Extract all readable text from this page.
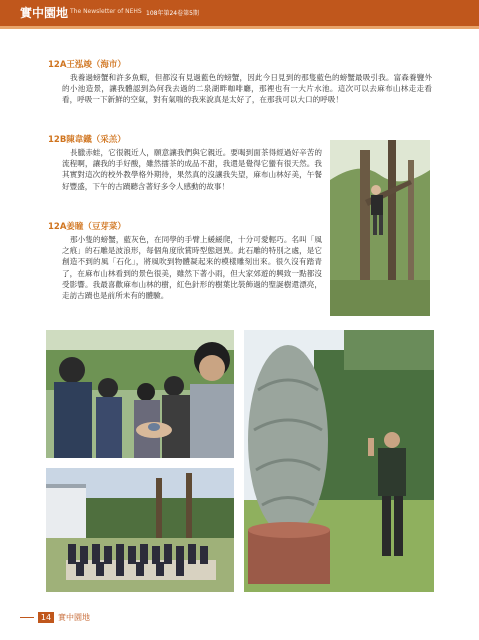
實中園地 The Newsletter of NEHS 108年第24卷第5期
12A王泓竣（海市）
我養過螃蟹和許多魚蝦，但都沒有見過藍色的螃蟹，因此今日見到的那隻藍色的螃蟹最吸引我。富森養鹽外的小池造景，讓我體認到為何我去過的二泉湖畔咖啡廳，那裡也有一大片水池。這次可以去麻布山林走走看看，呼吸一下新鮮的空氣，對有氣喘的我來說真是太好了，在那我可以大口的呼吸！
12B陳韋鐵（采羔）
長臘赤蛙，它很親近人，願意讓我們與它親近。要喝到面茶得經過好辛苦的流程啊，讓我的手好酸，雖然擂茶的成品不甜，我還是覺得它蠻有很天然。我其實對這次的校外教學格外期待，果然真的沒讓我失望，麻布山林好美，午餐好豐盛，下午的古蹟聽含著好多令人感動的故事！
12A姜瞳（豆芽菜）
那小隻的螃蟹，藍灰色，在同學的手臂上緩緩爬，十分可愛輕巧。名叫「風之痕」的石雕是波浪形，每個角度欣賞時型態迥異。此石雕的特別之處，是它創造不到的風「石化」，將風吹到物體凝起來的模樣雕刻出來。很久沒有踏青了，在麻布山林看到的景色很美，雖然下著小雨，但大家郊遊的興致一點都沒受影響。我最喜歡麻布山林的樹，紅色針形的樹葉比裝飾過的聖誕樹還漂亮，走訪古蹟也是前所未有的體驗。
14 實中園地
